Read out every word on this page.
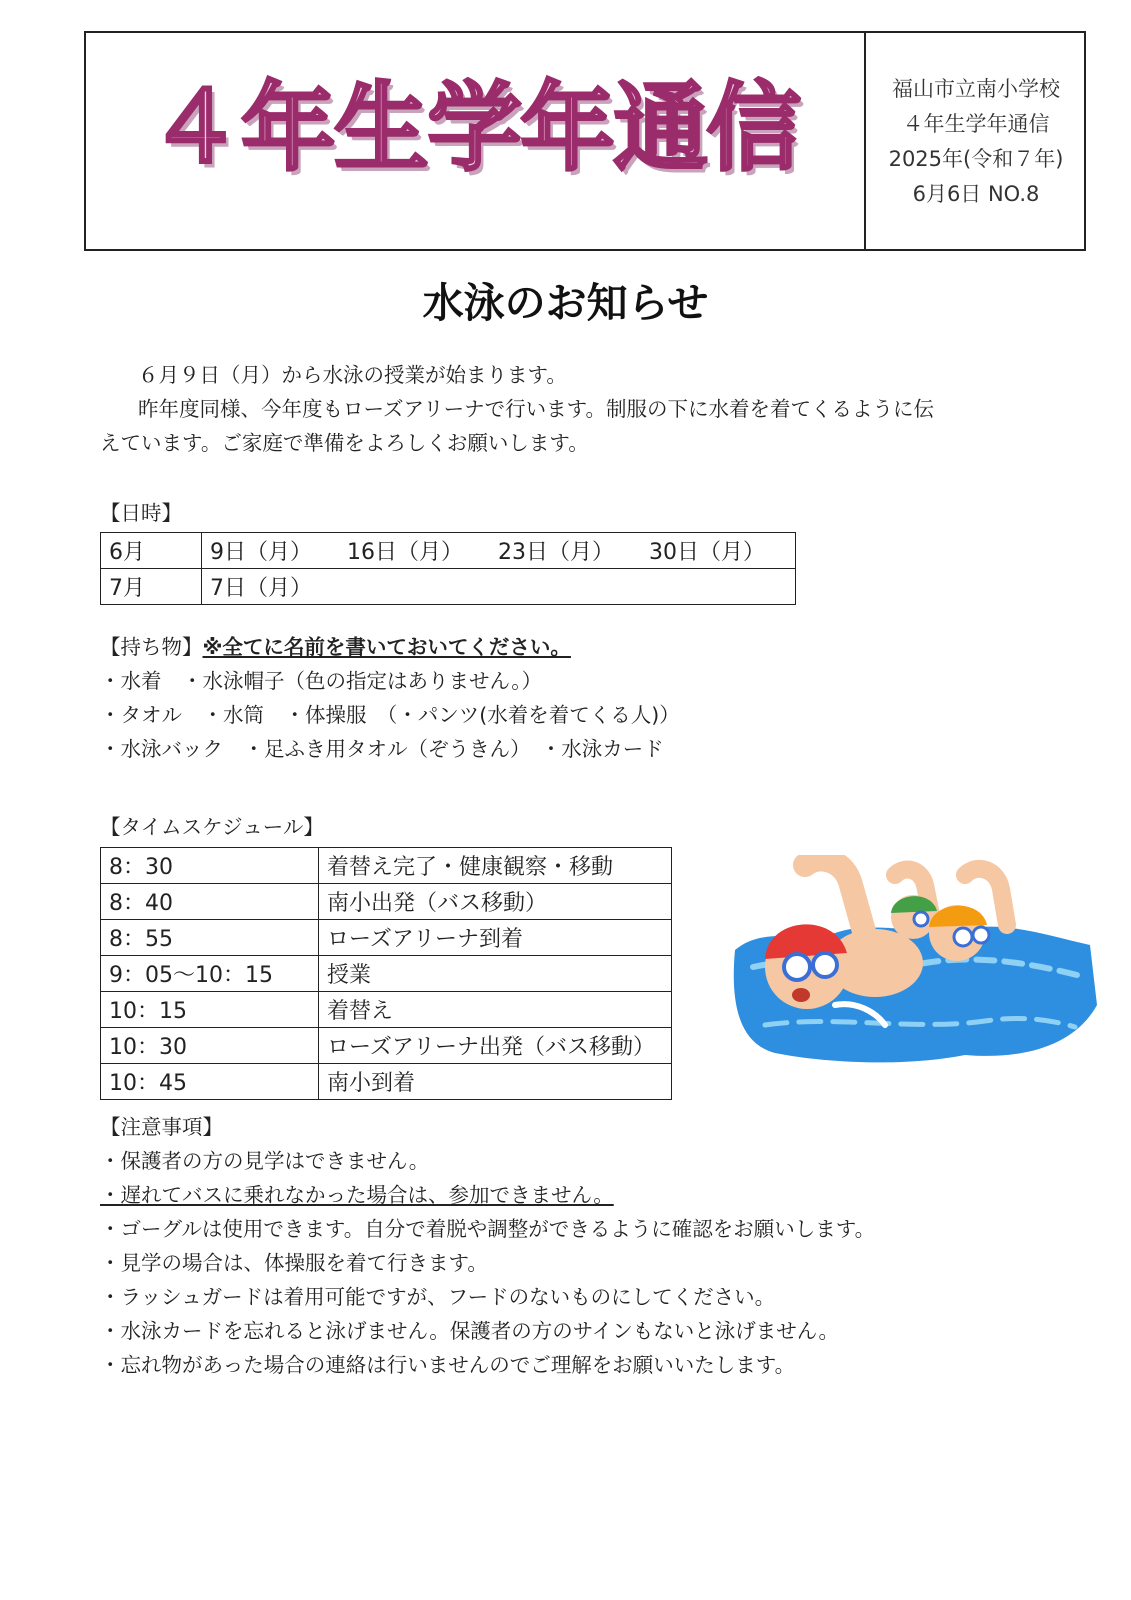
４年生学年通信	福山市立南小学校
４年生学年通信
2025年(令和７年)
6月6日 NO.8
水泳のお知らせ
６月９日（月）から水泳の授業が始まります。
昨年度同様、今年度もローズアリーナで行います。制服の下に水着を着てくるように伝
えています。ご家庭で準備をよろしくお願いします。
【日時】
6月	9日（月） 16日（月） 23日（月） 30日（月）
7月	7日（月）
【持ち物】※全てに名前を書いておいてください。
・水着　・水泳帽子（色の指定はありません。）
・タオル　・水筒　・体操服　（・パンツ(水着を着てくる人)）
・水泳バック　・足ふき用タオル（ぞうきん）　・水泳カード
【タイムスケジュール】
8：30	着替え完了・健康観察・移動
8：40	南小出発（バス移動）
8：55	ローズアリーナ到着
9：05～10：15	授業
10：15	着替え
10：30	ローズアリーナ出発（バス移動）
10：45	南小到着
【注意事項】
・保護者の方の見学はできません。
・遅れてバスに乗れなかった場合は、参加できません。
・ゴーグルは使用できます。自分で着脱や調整ができるように確認をお願いします。
・見学の場合は、体操服を着て行きます。
・ラッシュガードは着用可能ですが、フードのないものにしてください。
・水泳カードを忘れると泳げません。保護者の方のサインもないと泳げません。
・忘れ物があった場合の連絡は行いませんのでご理解をお願いいたします。
